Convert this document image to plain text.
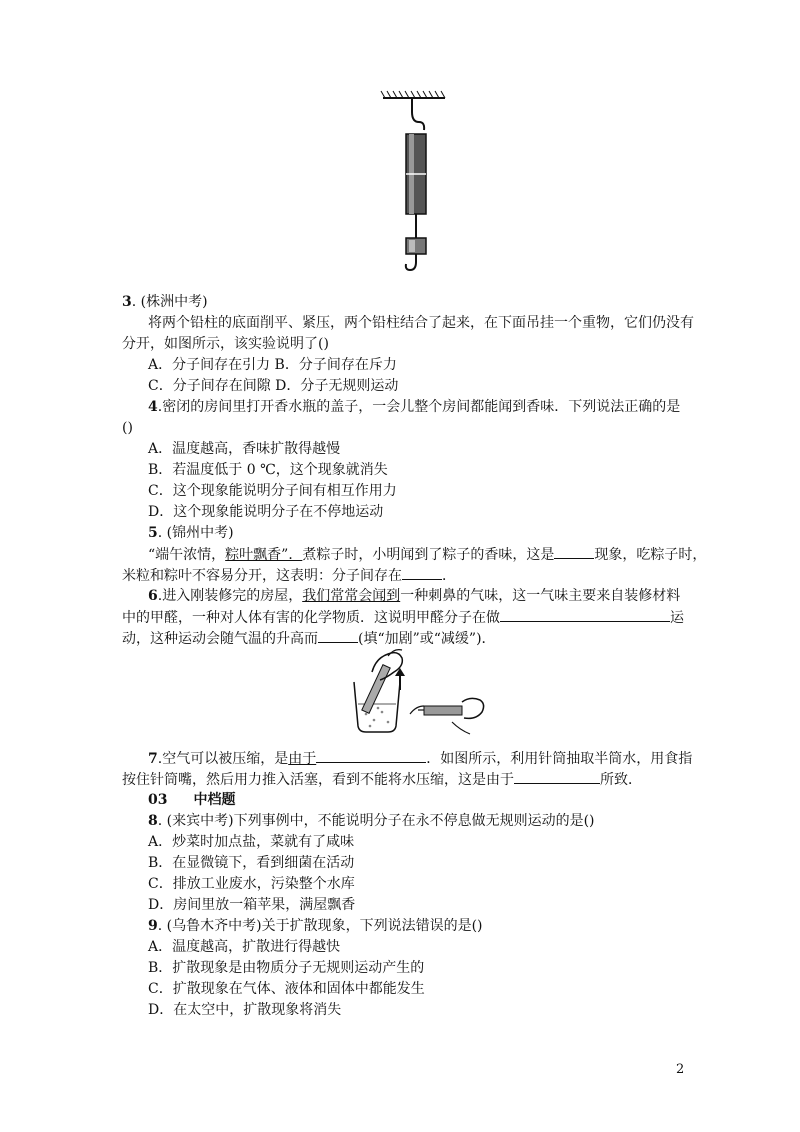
3. (株洲中考)
将两个铅柱的底面削平、紧压，两个铅柱结合了起来，在下面吊挂一个重物，它们仍没有
分开，如图所示，该实验说明了()
A．分子间存在引力 B．分子间存在斥力
C．分子间存在间隙 D．分子无规则运动
4.密闭的房间里打开香水瓶的盖子，一会儿整个房间都能闻到香味．下列说法正确的是
()
A．温度越高，香味扩散得越慢
B．若温度低于 0 ℃，这个现象就消失
C．这个现象能说明分子间有相互作用力
D．这个现象能说明分子在不停地运动
5. (锦州中考)
“端午浓情，粽叶飘香”．煮粽子时，小明闻到了粽子的香味，这是	现象，吃粽子时，
米粒和粽叶不容易分开，这表明：分子间存在	．
6.进入刚装修完的房屋，我们常常会闻到一种刺鼻的气味，这一气味主要来自装修材料
中的甲醛，一种对人体有害的化学物质．这说明甲醛分子在做	运
动，这种运动会随气温的升高而	(填“加剧”或“减缓”)．
7.空气可以被压缩，是由于	．如图所示，利用针筒抽取半筒水，用食指
按住针筒嘴，然后用力推入活塞，看到不能将水压缩，这是由于	所致．
03 中档题
8. (来宾中考)下列事例中，不能说明分子在永不停息做无规则运动的是()
A．炒菜时加点盐，菜就有了咸味
B．在显微镜下，看到细菌在活动
C．排放工业废水，污染整个水库
D．房间里放一箱苹果，满屋飘香
9. (乌鲁木齐中考)关于扩散现象，下列说法错误的是()
A．温度越高，扩散进行得越快
B．扩散现象是由物质分子无规则运动产生的
C．扩散现象在气体、液体和固体中都能发生
D．在太空中，扩散现象将消失
2
